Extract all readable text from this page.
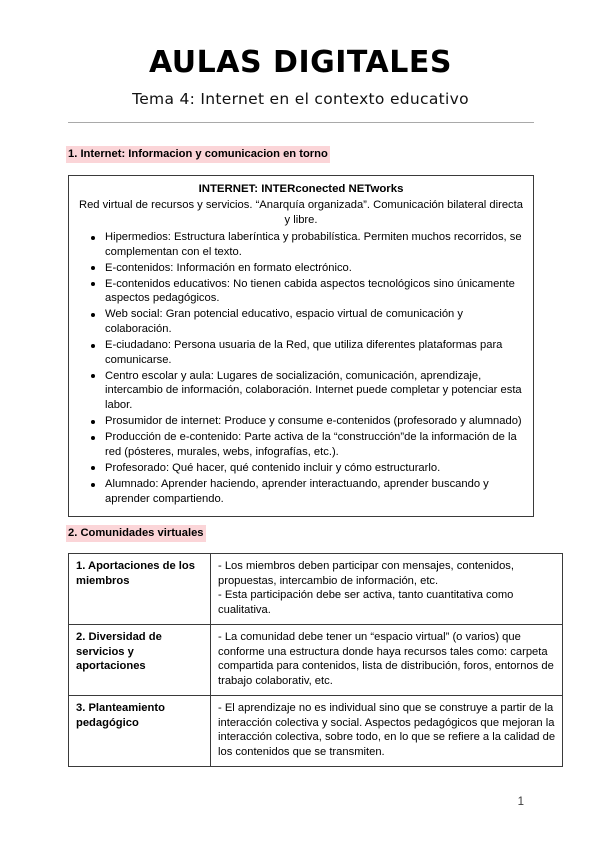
AULAS DIGITALES
Tema 4: Internet en el contexto educativo
1. Internet: Informacion y comunicacion en torno
INTERNET: INTERconected NETworks
Red virtual de recursos y servicios. “Anarquía organizada”. Comunicación bilateral directa y libre.
Hipermedios: Estructura laberíntica y probabilística. Permiten muchos recorridos, se complementan con el texto.
E-contenidos: Información en formato electrónico.
E-contenidos educativos: No tienen cabida aspectos tecnológicos sino únicamente aspectos pedagógicos.
Web social: Gran potencial educativo, espacio virtual de comunicación y colaboración.
E-ciudadano: Persona usuaria de la Red, que utiliza diferentes plataformas para comunicarse.
Centro escolar y aula: Lugares de socialización, comunicación, aprendizaje, intercambio de información, colaboración. Internet puede completar y potenciar esta labor.
Prosumidor de internet: Produce y consume e-contenidos (profesorado y alumnado)
Producción de e-contenido: Parte activa de la “construcción”de la información de la red (pósteres, murales, webs, infografías, etc.).
Profesorado: Qué hacer, qué contenido incluir y cómo estructurarlo.
Alumnado: Aprender haciendo, aprender interactuando, aprender buscando y aprender compartiendo.
2. Comunidades virtuales
1. Aportaciones de los miembros	- Los miembros deben participar con mensajes, contenidos, propuestas, intercambio de información, etc.
- Esta participación debe ser activa, tanto cuantitativa como cualitativa.

2. Diversidad de servicios y aportaciones	- La comunidad debe tener un “espacio virtual” (o varios) que conforme una estructura donde haya recursos tales como: carpeta compartida para contenidos, lista de distribución, foros, entornos de trabajo colaborativ, etc.

3. Planteamiento pedagógico	- El aprendizaje no es individual sino que se construye a partir de la interacción colectiva y social. Aspectos pedagógicos que mejoran la interacción colectiva, sobre todo, en lo que se refiere a la calidad de los contenidos que se transmiten.
1
